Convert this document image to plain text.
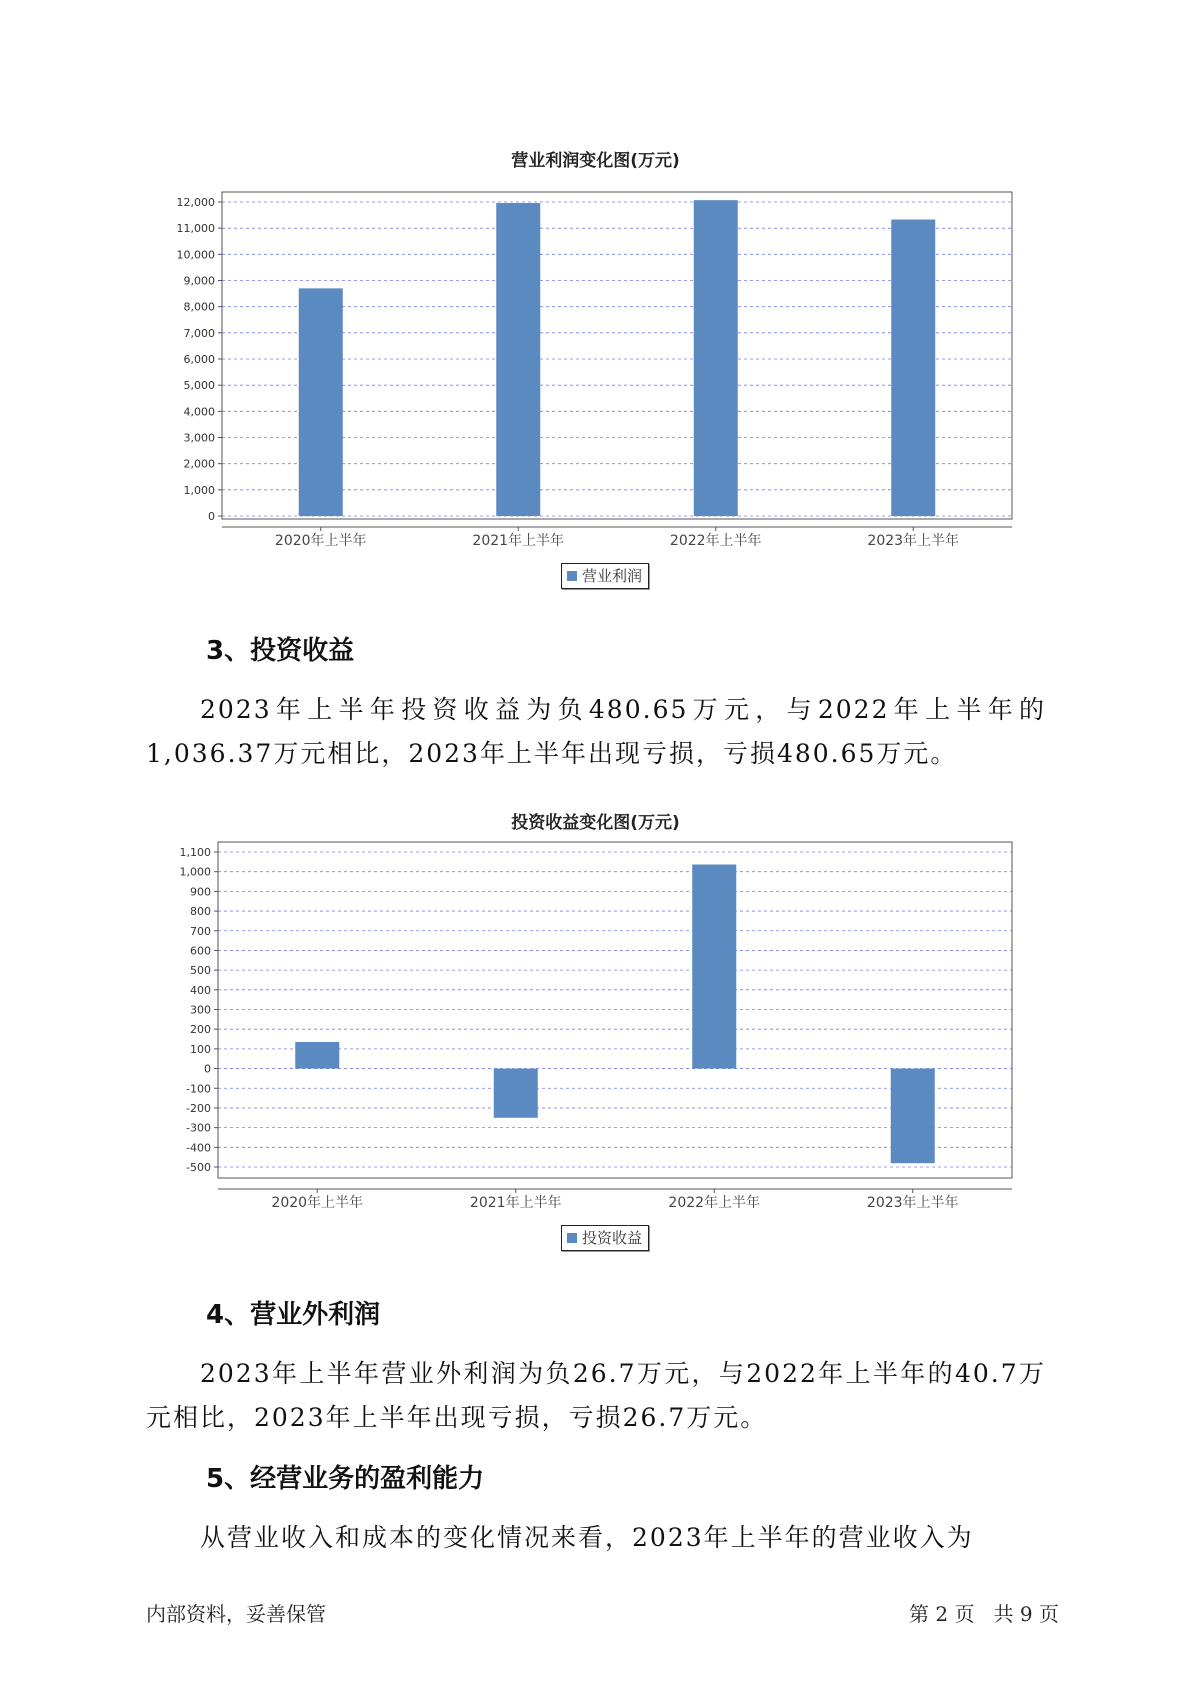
营业利润变化图(万元)
0
1,000
2,000
3,000
4,000
5,000
6,000
7,000
8,000
9,000
10,000
11,000
12,000
2020年上半年	2021年上半年	2022年上半年	2023年上半年
营业利润
3、投资收益

2023年上半年投资收益为负480.65万元，与2022年上半年的1,036.37万元相比，2023年上半年出现亏损，亏损480.65万元。

投资收益变化图(万元)
-500
-400
-300
-200
-100
0
100
200
300
400
500
600
700
800
900
1,000
1,100
2020年上半年	2021年上半年	2022年上半年	2023年上半年
投资收益
4、营业外利润

2023年上半年营业外利润为负26.7万元，与2022年上半年的40.7万元相比，2023年上半年出现亏损，亏损26.7万元。

5、经营业务的盈利能力

从营业收入和成本的变化情况来看，2023年上半年的营业收入为

内部资料，妥善保管	第 2 页   共 9 页
